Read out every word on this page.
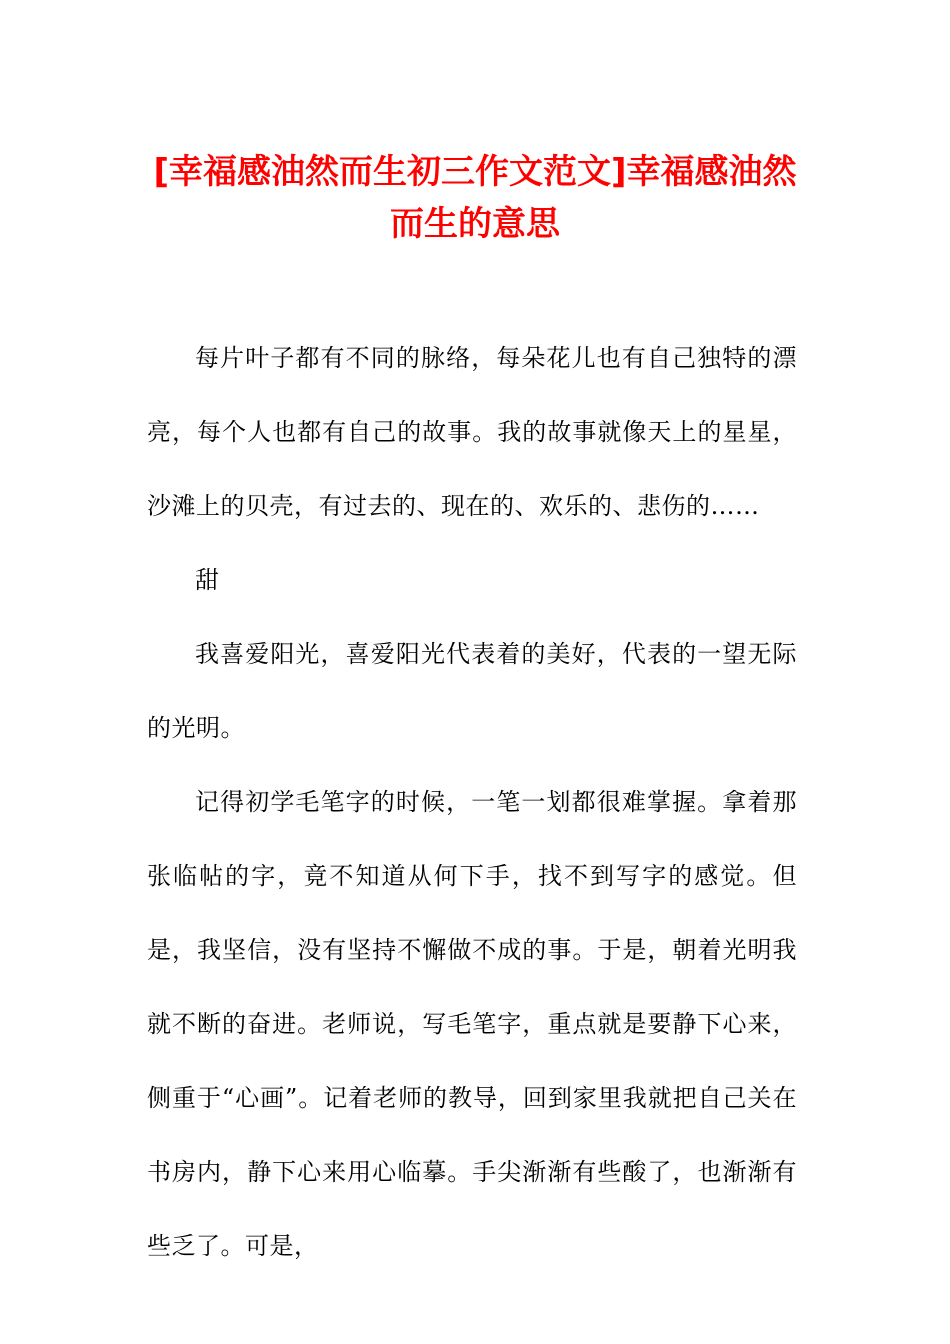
[幸福感油然而生初三作文范文]幸福感油然
而生的意思

每片叶子都有不同的脉络，每朵花儿也有自己独特的漂亮，每个人也都有自己的故事。我的故事就像天上的星星，沙滩上的贝壳，有过去的、现在的、欢乐的、悲伤的……

甜

我喜爱阳光，喜爱阳光代表着的美好，代表的一望无际的光明。

记得初学毛笔字的时候，一笔一划都很难掌握。拿着那张临帖的字，竟不知道从何下手，找不到写字的感觉。但是，我坚信，没有坚持不懈做不成的事。于是，朝着光明我就不断的奋进。老师说，写毛笔字，重点就是要静下心来，侧重于“心画”。记着老师的教导，回到家里我就把自己关在书房内，静下心来用心临摹。手尖渐渐有些酸了，也渐渐有些乏了。可是，
